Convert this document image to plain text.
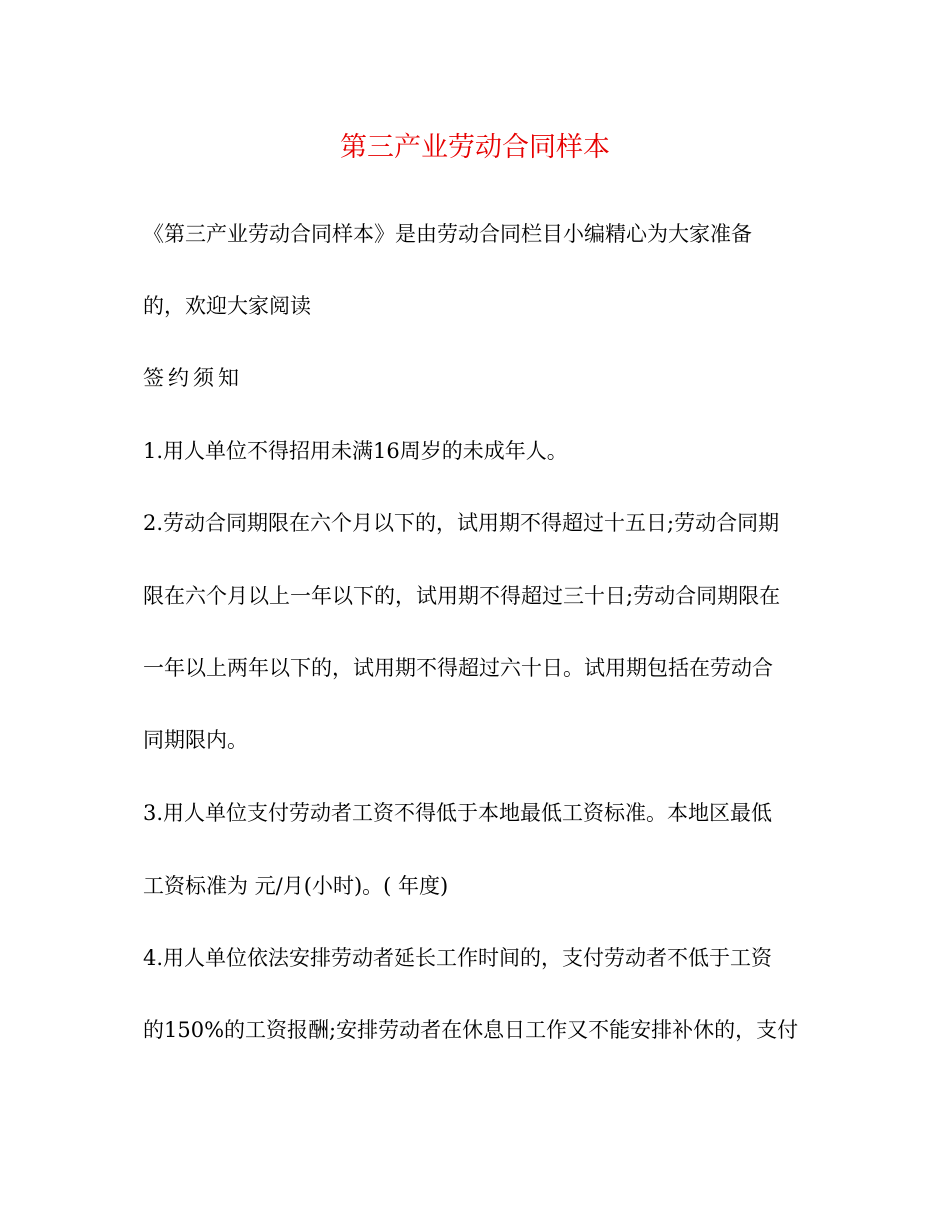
第三产业劳动合同样本
《第三产业劳动合同样本》是由劳动合同栏目小编精心为大家准备
的，欢迎大家阅读
签约须知
1.用人单位不得招用未满16周岁的未成年人。
2.劳动合同期限在六个月以下的，试用期不得超过十五日;劳动合同期
限在六个月以上一年以下的，试用期不得超过三十日;劳动合同期限在
一年以上两年以下的，试用期不得超过六十日。试用期包括在劳动合
同期限内。
3.用人单位支付劳动者工资不得低于本地最低工资标准。本地区最低
工资标准为 元/月(小时)。( 年度)
4.用人单位依法安排劳动者延长工作时间的，支付劳动者不低于工资
的150%的工资报酬;安排劳动者在休息日工作又不能安排补休的，支付
